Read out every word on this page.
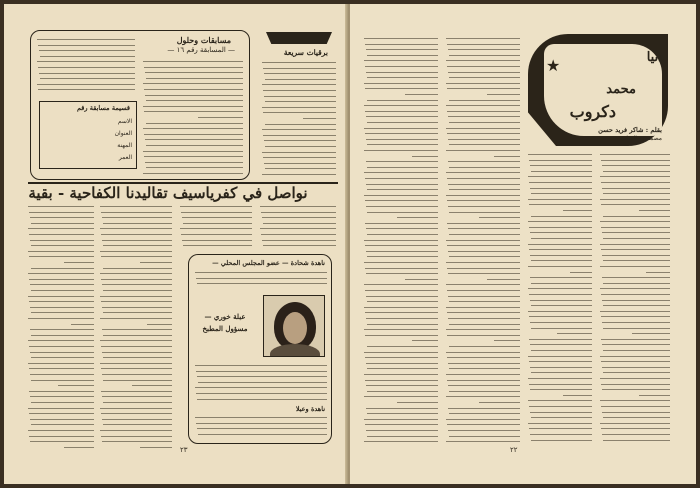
مسابقات وحلول
— المسابقة رقم ١٦ —
قسيمة مسابقة رقم
الاسم
العنوان
المهنة
العمر
برقيات سريعة
نواصل في كفرياسيف تقاليدنا الكفاحية - بقية
ناهدة شحادة — عضو المجلس المحلي —
عبلة خوري — مسؤول المطبخ
ناهدة وعبلا
٢٣
★	دنيا
محمد
دكروب
بقلم : شاكر فريد حسن
مصمص - المثلث
٢٢
